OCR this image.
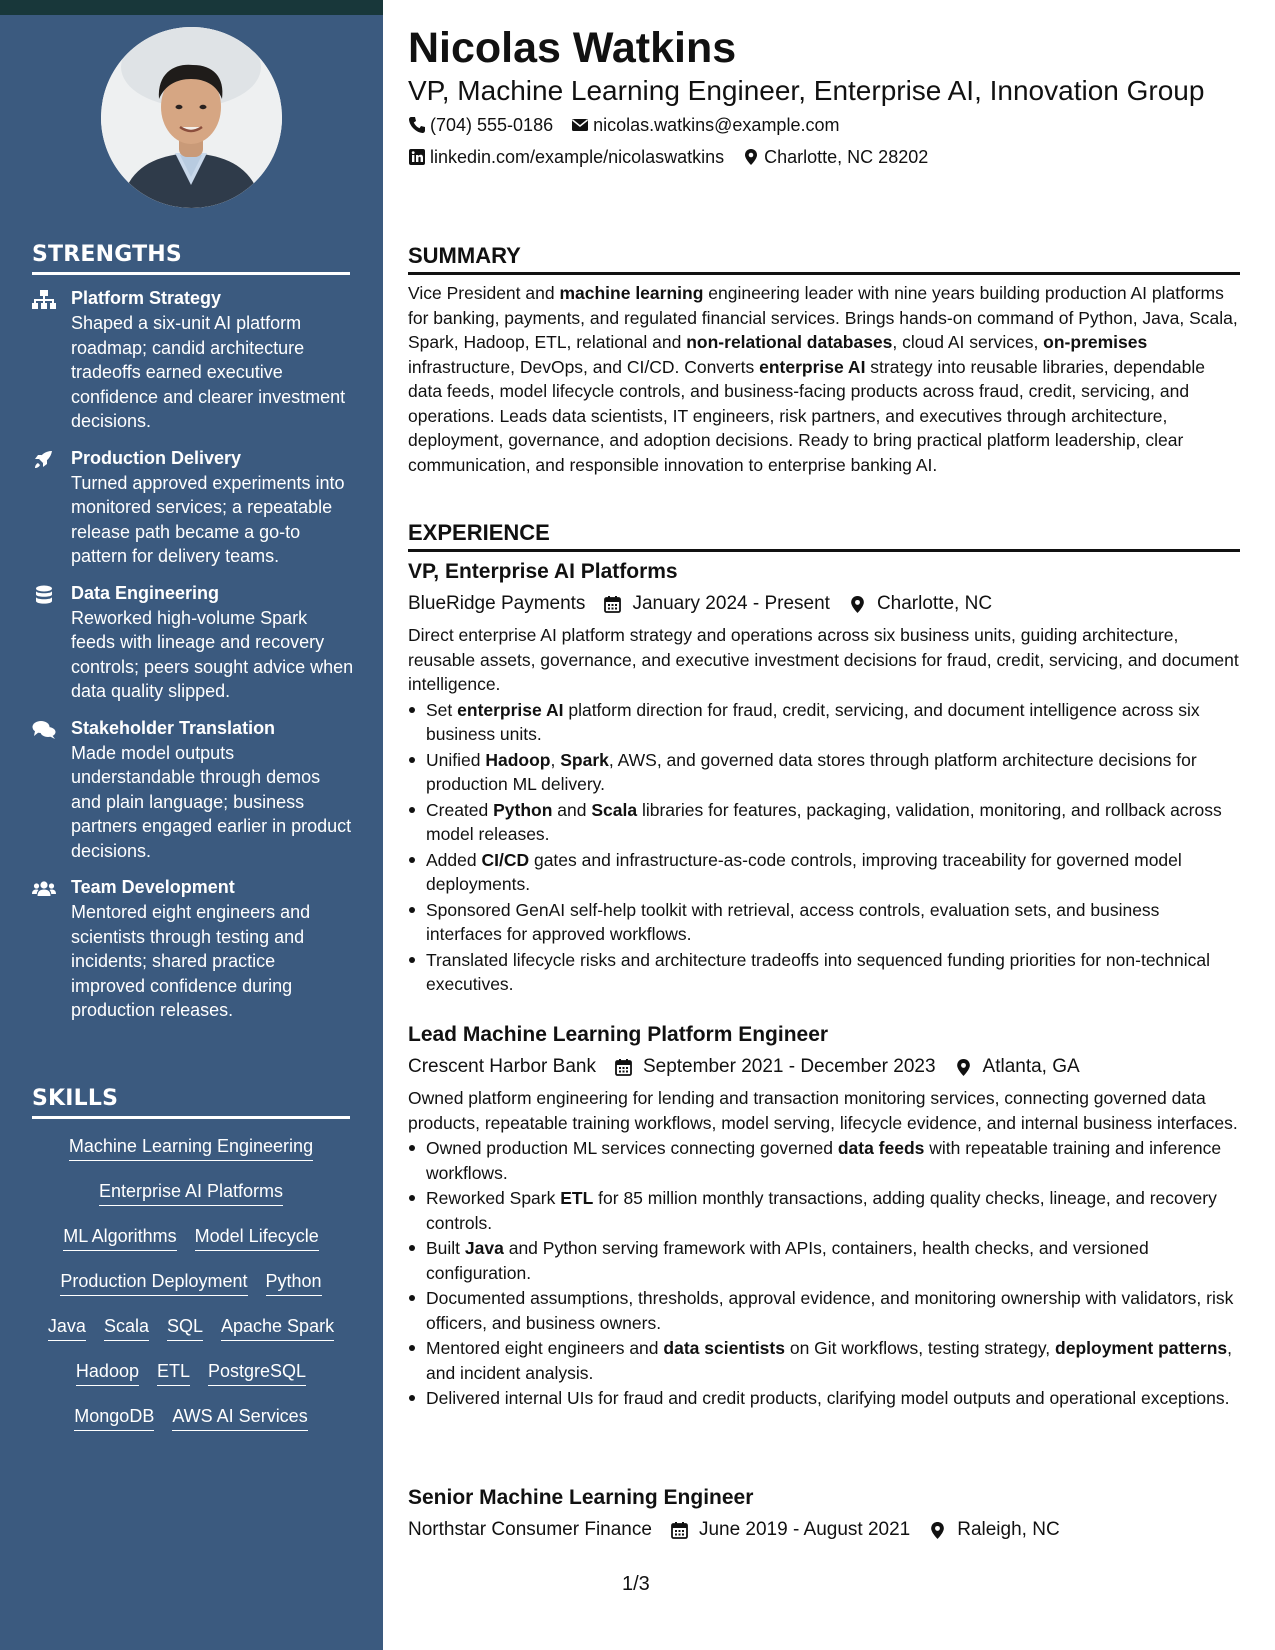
STRENGTHS
Platform Strategy
Shaped a six-unit AI platform roadmap; candid architecture tradeoffs earned executive confidence and clearer investment decisions.
Production Delivery
Turned approved experiments into monitored services; a repeatable release path became a go-to pattern for delivery teams.
Data Engineering
Reworked high-volume Spark feeds with lineage and recovery controls; peers sought advice when data quality slipped.
Stakeholder Translation
Made model outputs understandable through demos and plain language; business partners engaged earlier in product decisions.
Team Development
Mentored eight engineers and scientists through testing and incidents; shared practice improved confidence during production releases.
SKILLS
Machine Learning Engineering
Enterprise AI Platforms
ML Algorithms Model Lifecycle
Production Deployment Python
Java Scala SQL Apache Spark
Hadoop ETL PostgreSQL
MongoDB AWS AI Services
Nicolas Watkins
VP, Machine Learning Engineer, Enterprise AI, Innovation Group
(704) 555-0186 nicolas.watkins@example.com
linkedin.com/example/nicolaswatkins Charlotte, NC 28202
SUMMARY
Vice President and machine learning engineering leader with nine years building production AI platforms for banking, payments, and regulated financial services. Brings hands-on command of Python, Java, Scala, Spark, Hadoop, ETL, relational and non-relational databases, cloud AI services, on-premises infrastructure, DevOps, and CI/CD. Converts enterprise AI strategy into reusable libraries, dependable data feeds, model lifecycle controls, and business-facing products across fraud, credit, servicing, and operations. Leads data scientists, IT engineers, risk partners, and executives through architecture, deployment, governance, and adoption decisions. Ready to bring practical platform leadership, clear communication, and responsible innovation to enterprise banking AI.
EXPERIENCE
VP, Enterprise AI Platforms
BlueRidge Payments January 2024 - Present Charlotte, NC
Direct enterprise AI platform strategy and operations across six business units, guiding architecture, reusable assets, governance, and executive investment decisions for fraud, credit, servicing, and document intelligence.
Set enterprise AI platform direction for fraud, credit, servicing, and document intelligence across six business units.
Unified Hadoop, Spark, AWS, and governed data stores through platform architecture decisions for production ML delivery.
Created Python and Scala libraries for features, packaging, validation, monitoring, and rollback across model releases.
Added CI/CD gates and infrastructure-as-code controls, improving traceability for governed model deployments.
Sponsored GenAI self-help toolkit with retrieval, access controls, evaluation sets, and business interfaces for approved workflows.
Translated lifecycle risks and architecture tradeoffs into sequenced funding priorities for non-technical executives.
Lead Machine Learning Platform Engineer
Crescent Harbor Bank September 2021 - December 2023 Atlanta, GA
Owned platform engineering for lending and transaction monitoring services, connecting governed data products, repeatable training workflows, model serving, lifecycle evidence, and internal business interfaces.
Owned production ML services connecting governed data feeds with repeatable training and inference workflows.
Reworked Spark ETL for 85 million monthly transactions, adding quality checks, lineage, and recovery controls.
Built Java and Python serving framework with APIs, containers, health checks, and versioned configuration.
Documented assumptions, thresholds, approval evidence, and monitoring ownership with validators, risk officers, and business owners.
Mentored eight engineers and data scientists on Git workflows, testing strategy, deployment patterns, and incident analysis.
Delivered internal UIs for fraud and credit products, clarifying model outputs and operational exceptions.
Senior Machine Learning Engineer
Northstar Consumer Finance June 2019 - August 2021 Raleigh, NC
1/3
